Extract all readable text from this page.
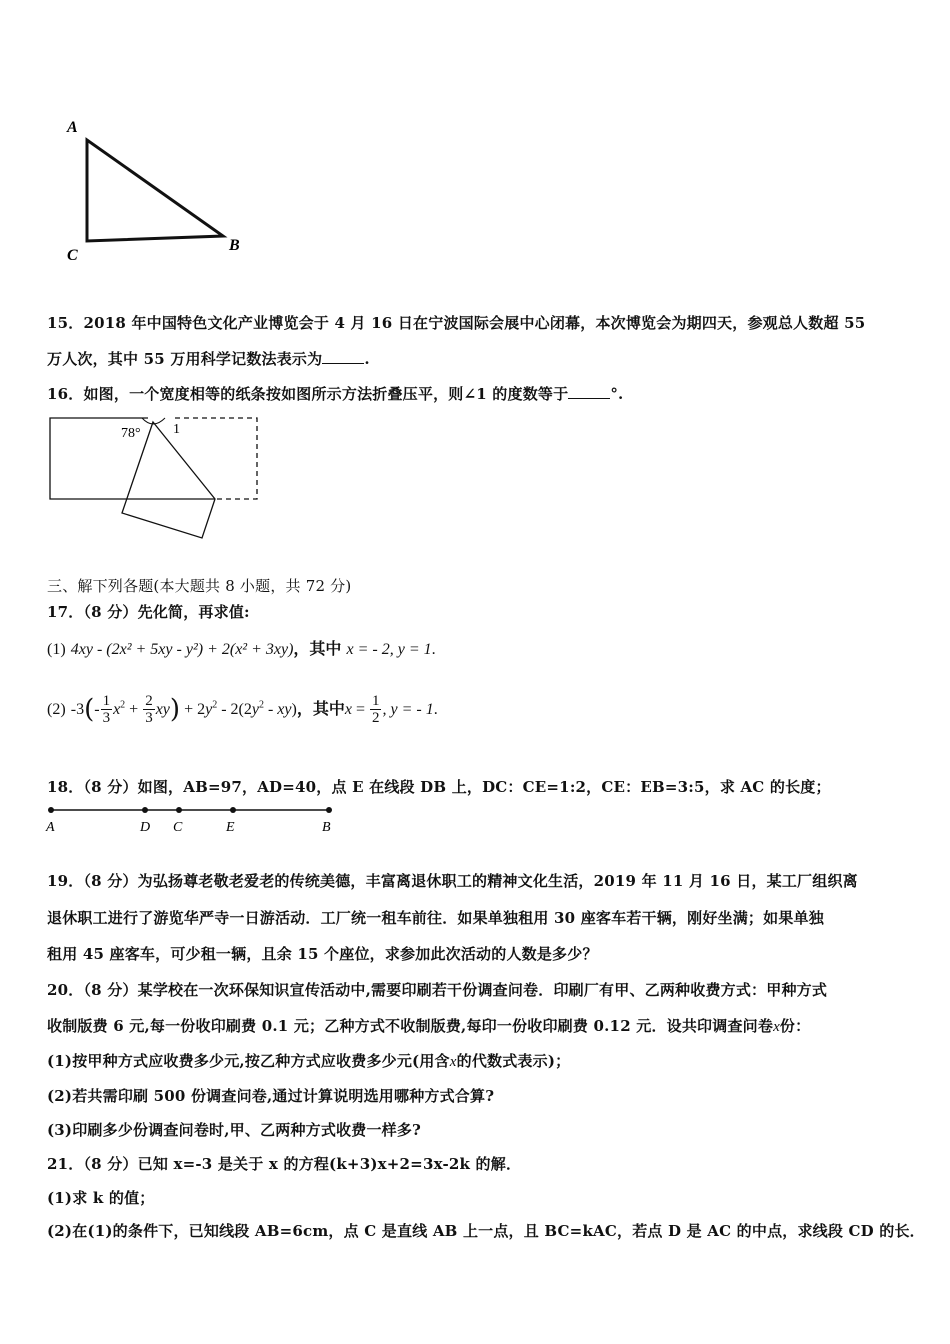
A
C
B
15．2018 年中国特色文化产业博览会于 4 月 16 日在宁波国际会展中心闭幕，本次博览会为期四天，参观总人数超 55
万人次，其中 55 万用科学记数法表示为	.
16．如图，一个宽度相等的纸条按如图所示方法折叠压平，则∠1 的度数等于	°.
78° 1
三、解下列各题(本大题共 8 小题，共 72 分)
17．（8 分）先化简，再求值:
(1) 4xy - (2x² + 5xy - y²) + 2(x² + 3xy)，其中 x = - 2, y = 1.
(2) $-3(- \frac{1}{3} x^2 + \frac{2}{3} xy) + 2y^2 - 2(2y^2 - xy)$，其中$x = \frac{1}{2}$ , y = - 1.
18．（8 分）如图，AB=97，AD=40，点 E 在线段 DB 上，DC：CE=1:2，CE：EB=3:5，求 AC 的长度；
A	D C	E	B
19．（8 分）为弘扬尊老敬老爱老的传统美德，丰富离退休职工的精神文化生活，2019 年 11 月 16 日，某工厂组织离
退休职工进行了游览华严寺一日游活动．工厂统一租车前往．如果单独租用 30 座客车若干辆，刚好坐满；如果单独
租用 45 座客车，可少租一辆，且余 15 个座位，求参加此次活动的人数是多少？
20．（8 分）某学校在一次环保知识宣传活动中,需要印刷若干份调查问卷．印刷厂有甲、乙两种收费方式：甲种方式
收制版费 6 元,每一份收印刷费 0.1 元；乙种方式不收制版费,每印一份收印刷费 0.12 元．设共印调查问卷x份：
(1)按甲种方式应收费多少元,按乙种方式应收费多少元(用含x的代数式表示)；
(2)若共需印刷 500 份调查问卷,通过计算说明选用哪种方式合算?
(3)印刷多少份调查问卷时,甲、乙两种方式收费一样多?
21．（8 分）已知 x=-3 是关于 x 的方程(k+3)x+2=3x-2k 的解．
(1)求 k 的值；
(2)在(1)的条件下，已知线段 AB=6cm，点 C 是直线 AB 上一点，且 BC=kAC，若点 D 是 AC 的中点，求线段 CD 的长．
